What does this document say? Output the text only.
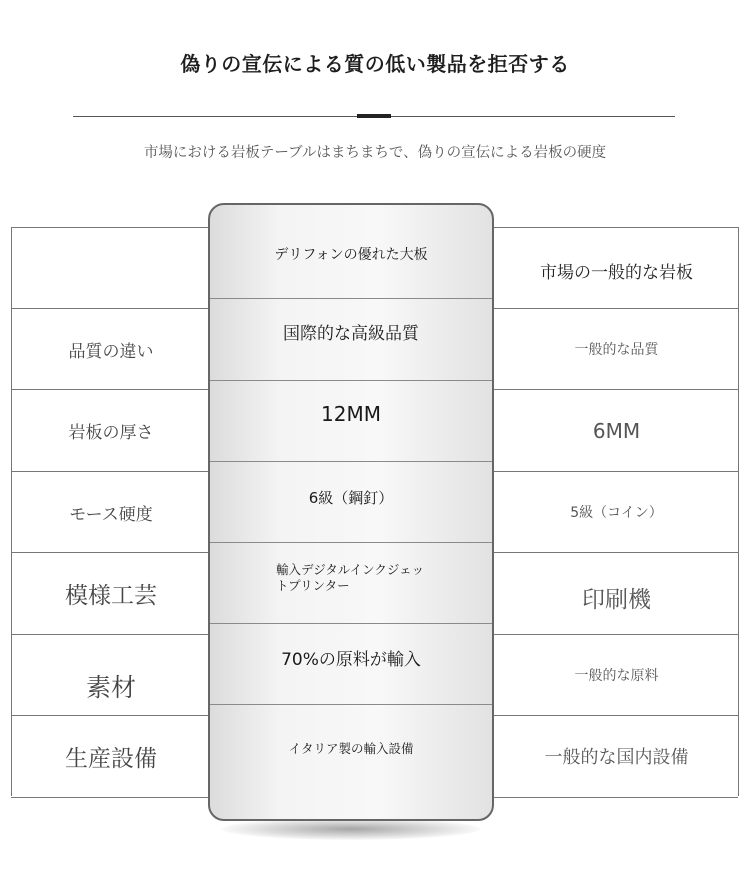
偽りの宣伝による質の低い製品を拒否する
市場における岩板テーブルはまちまちで、偽りの宣伝による岩板の硬度
品質の違い
岩板の厚さ
モース硬度
模様工芸
素材
生産設備
市場の一般的な岩板
一般的な品質
6MM
5級（コイン）
印刷機
一般的な原料
一般的な国内設備
デリフォンの優れた大板
国際的な高級品質
12MM
6級（鋼釘）
輸入デジタルインクジェッ
トプリンター
70%の原料が輸入
イタリア製の輸入設備
